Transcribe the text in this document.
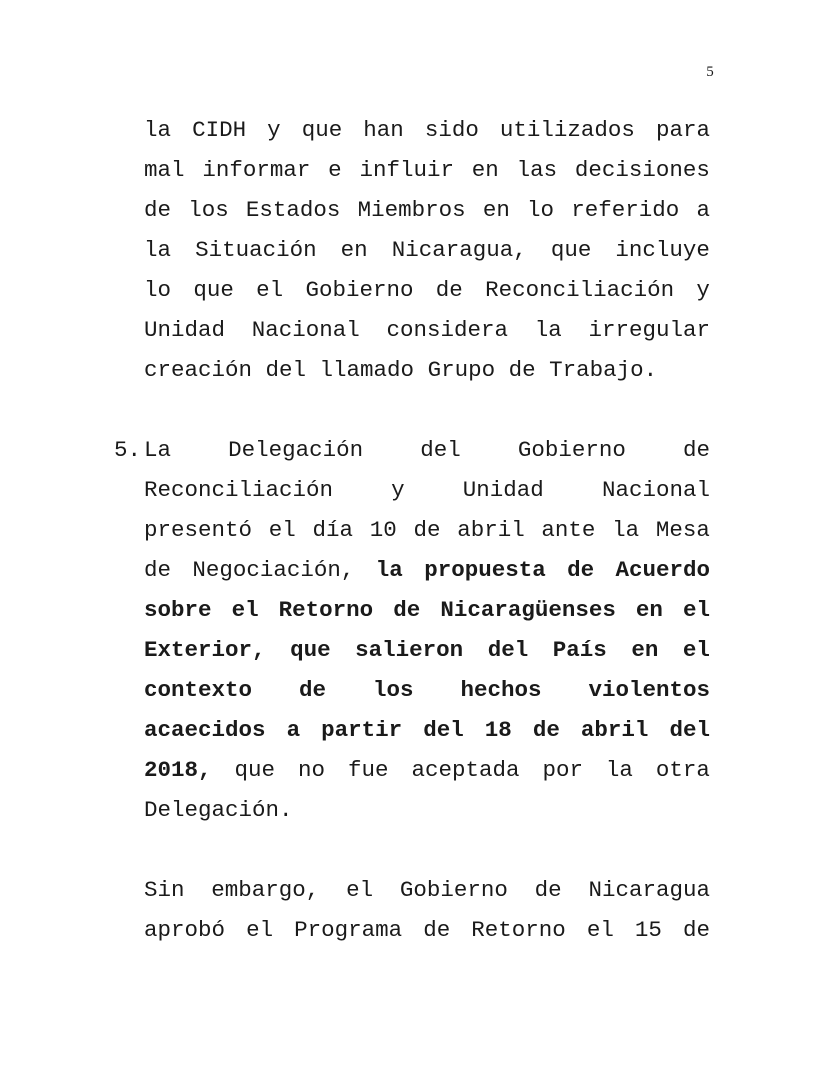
5
la CIDH y que han sido utilizados para
mal informar e influir en las decisiones
de los Estados Miembros en lo referido a
la Situación en Nicaragua, que incluye
lo que el Gobierno de Reconciliación y
Unidad Nacional considera la irregular
creación del llamado Grupo de Trabajo.
5. La	Delegación	del	Gobierno	de
Reconciliación	y	Unidad	Nacional
presentó el día 10 de abril ante la Mesa
de Negociación, la propuesta de Acuerdo
sobre el Retorno de Nicaragüenses en el
Exterior, que salieron del País en el
contexto de los hechos violentos
acaecidos a partir del 18 de abril del
2018, que no fue aceptada por la otra
Delegación.
Sin embargo, el Gobierno de Nicaragua
aprobó el Programa de Retorno el 15 de
